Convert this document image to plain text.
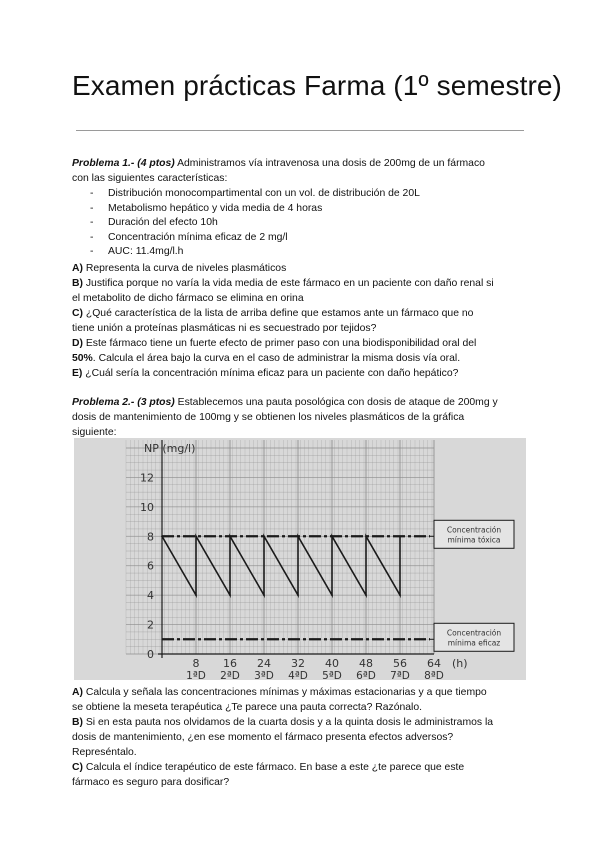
Examen prácticas Farma (1º semestre)
Problema 1.- (4 ptos) Administramos vía intravenosa una dosis de 200mg de un fármaco
con las siguientes características:
- Distribución monocompartimental con un vol. de distribución de 20L
- Metabolismo hepático y vida media de 4 horas
- Duración del efecto 10h
- Concentración mínima eficaz de 2 mg/l
- AUC: 11.4mg/l.h
A) Representa la curva de niveles plasmáticos
B) Justifica porque no varía la vida media de este fármaco en un paciente con daño renal si
el metabolito de dicho fármaco se elimina en orina
C) ¿Qué característica de la lista de arriba define que estamos ante un fármaco que no
tiene unión a proteínas plasmáticas ni es secuestrado por tejidos?
D) Este fármaco tiene un fuerte efecto de primer paso con una biodisponibilidad oral del
50%. Calcula el área bajo la curva en el caso de administrar la misma dosis vía oral.
E) ¿Cuál sería la concentración mínima eficaz para un paciente con daño hepático?
Problema 2.- (3 ptos) Establecemos una pauta posológica con dosis de ataque de 200mg y
dosis de mantenimiento de 100mg y se obtienen los niveles plasmáticos de la gráfica
siguiente:
Concentración
mínima tóxica
Concentración
mínima eficaz
NP (mg/l)
0
2
4
6
8
10
12
8
1ªD
16
2ªD
24
3ªD
32
4ªD
40
5ªD
48
6ªD
56
7ªD
64
8ªD
(h)
A) Calcula y señala las concentraciones mínimas y máximas estacionarias y a que tiempo
se obtiene la meseta terapéutica ¿Te parece una pauta correcta? Razónalo.
B) Si en esta pauta nos olvidamos de la cuarta dosis y a la quinta dosis le administramos la
dosis de mantenimiento, ¿en ese momento el fármaco presenta efectos adversos?
Represéntalo.
C) Calcula el índice terapéutico de este fármaco. En base a este ¿te parece que este
fármaco es seguro para dosificar?
